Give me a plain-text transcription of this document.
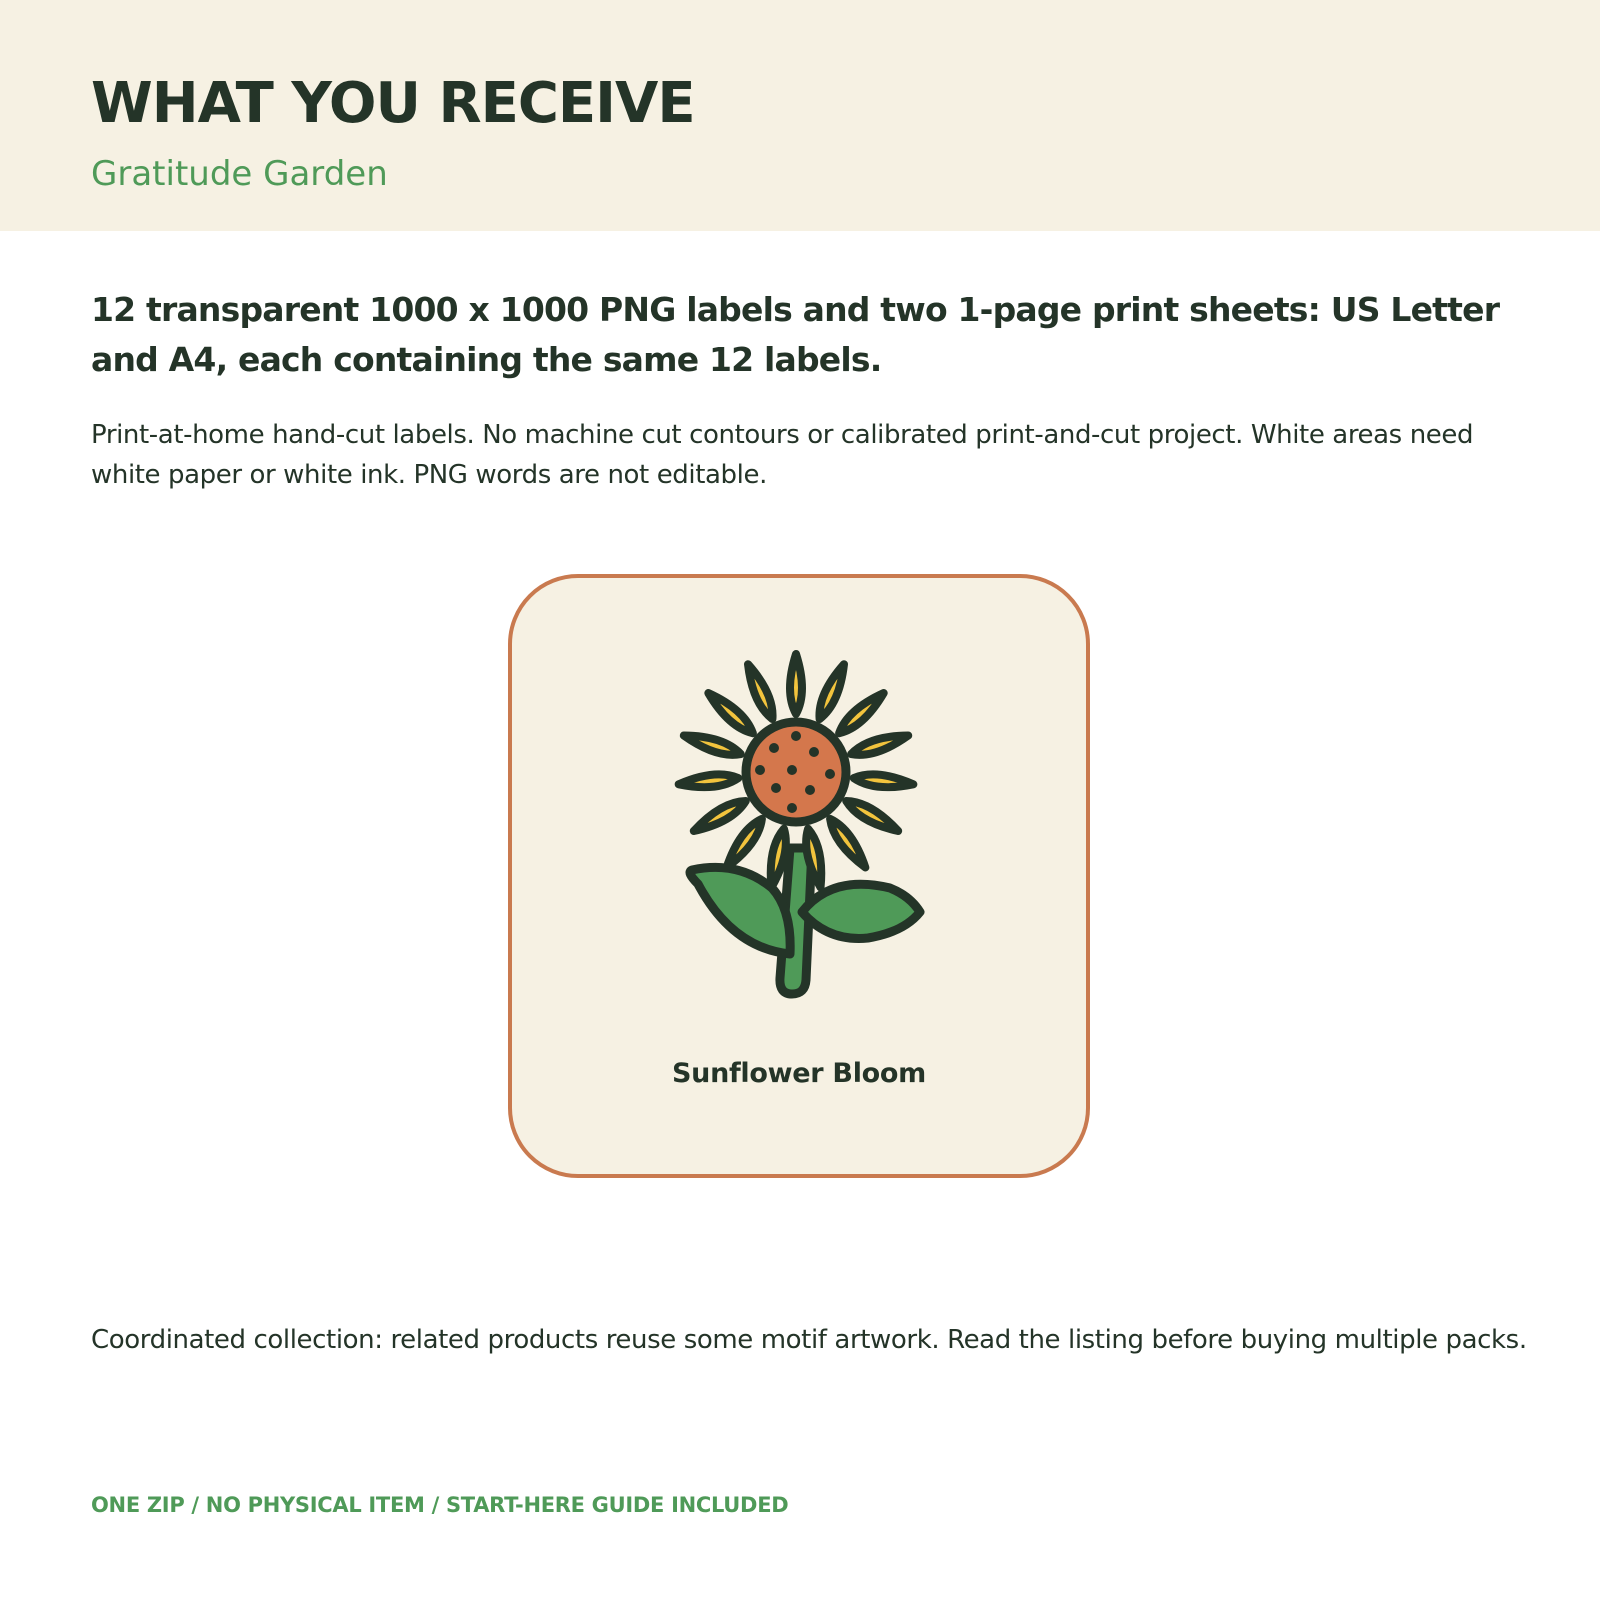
WHAT YOU RECEIVE

Gratitude Garden

12 transparent 1000 x 1000 PNG labels and two 1-page print sheets: US Letter and A4, each containing the same 12 labels.

Print-at-home hand-cut labels. No machine cut contours or calibrated print-and-cut project. White areas need white paper or white ink. PNG words are not editable.

Sunflower Bloom

Coordinated collection: related products reuse some motif artwork. Read the listing before buying multiple packs.

ONE ZIP / NO PHYSICAL ITEM / START-HERE GUIDE INCLUDED
